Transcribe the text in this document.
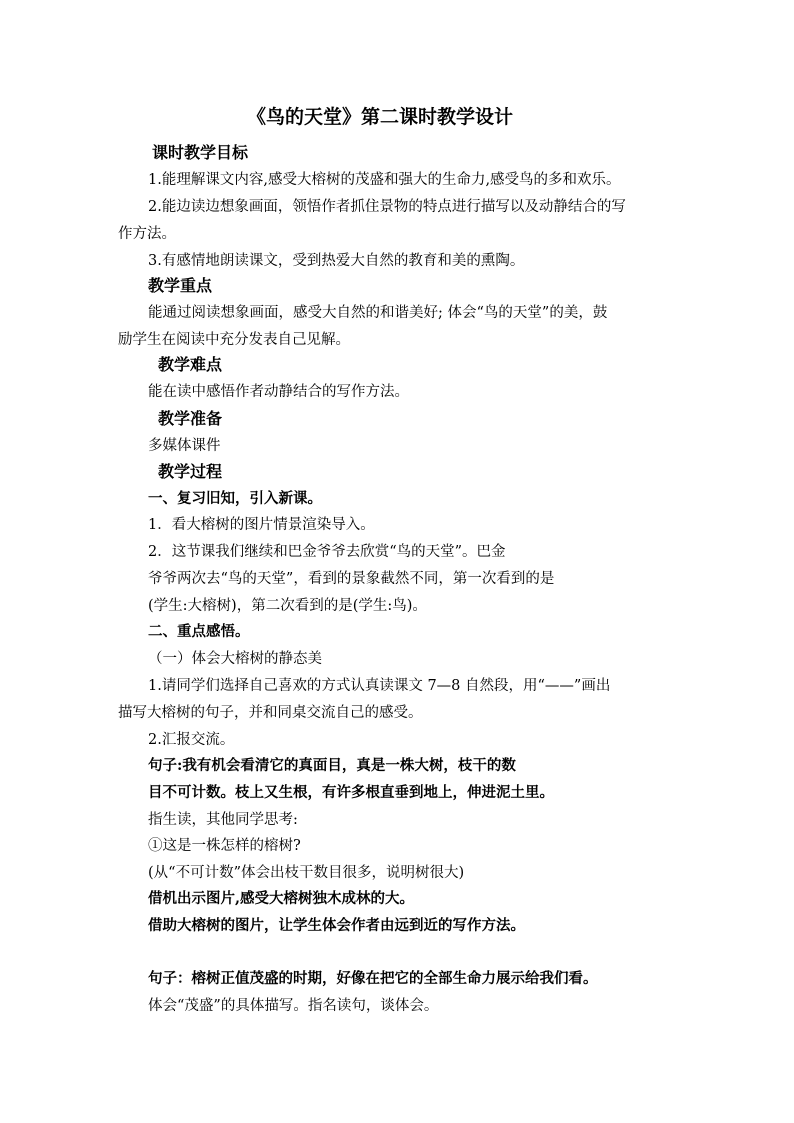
《鸟的天堂》第二课时教学设计
课时教学目标
1.能理解课文内容,感受大榕树的茂盛和强大的生命力,感受鸟的多和欢乐。
2.能边读边想象画面，领悟作者抓住景物的特点进行描写以及动静结合的写
作方法。
3.有感情地朗读课文，受到热爱大自然的教育和美的熏陶。
教学重点
能通过阅读想象画面，感受大自然的和谐美好; 体会“鸟的天堂”的美，鼓
励学生在阅读中充分发表自己见解。
教学难点
能在读中感悟作者动静结合的写作方法。
教学准备
多媒体课件
教学过程
一、复习旧知，引入新课。
1．看大榕树的图片情景渲染导入。
2．这节课我们继续和巴金爷爷去欣赏“鸟的天堂”。巴金
爷爷两次去“鸟的天堂”，看到的景象截然不同，第一次看到的是
(学生:大榕树)，第二次看到的是(学生:鸟)。
二、重点感悟。
（一）体会大榕树的静态美
1.请同学们选择自己喜欢的方式认真读课文 7—8 自然段，用“——”画出
描写大榕树的句子，并和同桌交流自己的感受。
2.汇报交流。
句子:我有机会看清它的真面目，真是一株大树，枝干的数
目不可计数。枝上又生根，有许多根直垂到地上，伸进泥土里。
指生读，其他同学思考:
①这是一株怎样的榕树?
(从“不可计数”体会出枝干数目很多，说明树很大)
借机出示图片,感受大榕树独木成林的大。
借助大榕树的图片，让学生体会作者由远到近的写作方法。
句子：榕树正值茂盛的时期，好像在把它的全部生命力展示给我们看。
体会“茂盛”的具体描写。指名读句，谈体会。
